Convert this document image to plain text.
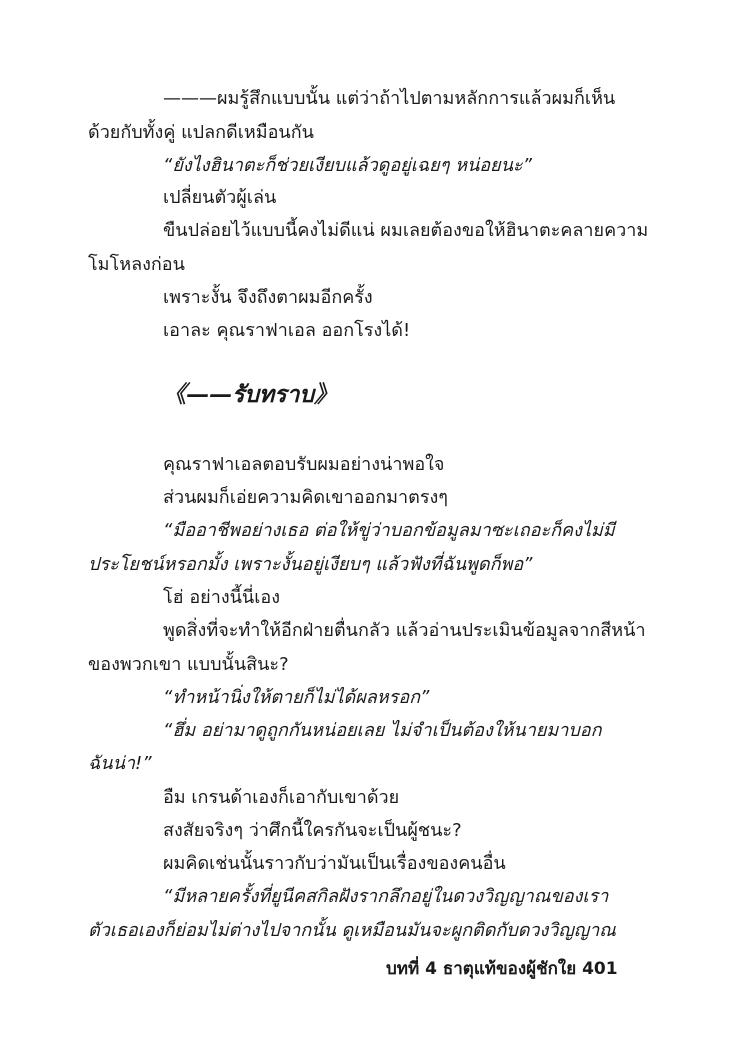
———ผมรู้สึกแบบนั้น แต่ว่าถ้าไปตามหลักการแล้วผมก็เห็น
ด้วยกับทั้งคู่ แปลกดีเหมือนกัน
“ยังไงฮินาตะก็ช่วยเงียบแล้วดูอยู่เฉยๆ หน่อยนะ”
เปลี่ยนตัวผู้เล่น
ขืนปล่อยไว้แบบนี้คงไม่ดีแน่ ผมเลยต้องขอให้ฮินาตะคลายความ
โมโหลงก่อน
เพราะงั้น จึงถึงตาผมอีกครั้ง
เอาละ คุณราฟาเอล ออกโรงได้!
《——รับทราบ》
คุณราฟาเอลตอบรับผมอย่างน่าพอใจ
ส่วนผมก็เอ่ยความคิดเขาออกมาตรงๆ
“มืออาชีพอย่างเธอ ต่อให้ขู่ว่าบอกข้อมูลมาซะเถอะก็คงไม่มี
ประโยชน์หรอกมั้ง เพราะงั้นอยู่เงียบๆ แล้วฟังที่ฉันพูดก็พอ”
โฮ่ อย่างนี้นี่เอง
พูดสิ่งที่จะทำให้อีกฝ่ายตื่นกลัว แล้วอ่านประเมินข้อมูลจากสีหน้า
ของพวกเขา แบบนั้นสินะ?
“ทำหน้านิ่งให้ตายก็ไม่ได้ผลหรอก”
“ฮึ่ม อย่ามาดูถูกกันหน่อยเลย ไม่จำเป็นต้องให้นายมาบอก
ฉันน่า!”
อืม เกรนด้าเองก็เอากับเขาด้วย
สงสัยจริงๆ ว่าศึกนี้ใครกันจะเป็นผู้ชนะ?
ผมคิดเช่นนั้นราวกับว่ามันเป็นเรื่องของคนอื่น
“มีหลายครั้งที่ยูนีคสกิลฝังรากลึกอยู่ในดวงวิญญาณของเรา
ตัวเธอเองก็ย่อมไม่ต่างไปจากนั้น ดูเหมือนมันจะผูกติดกับดวงวิญญาณ
บทที่ 4 ธาตุแท้ของผู้ชักใย 401
